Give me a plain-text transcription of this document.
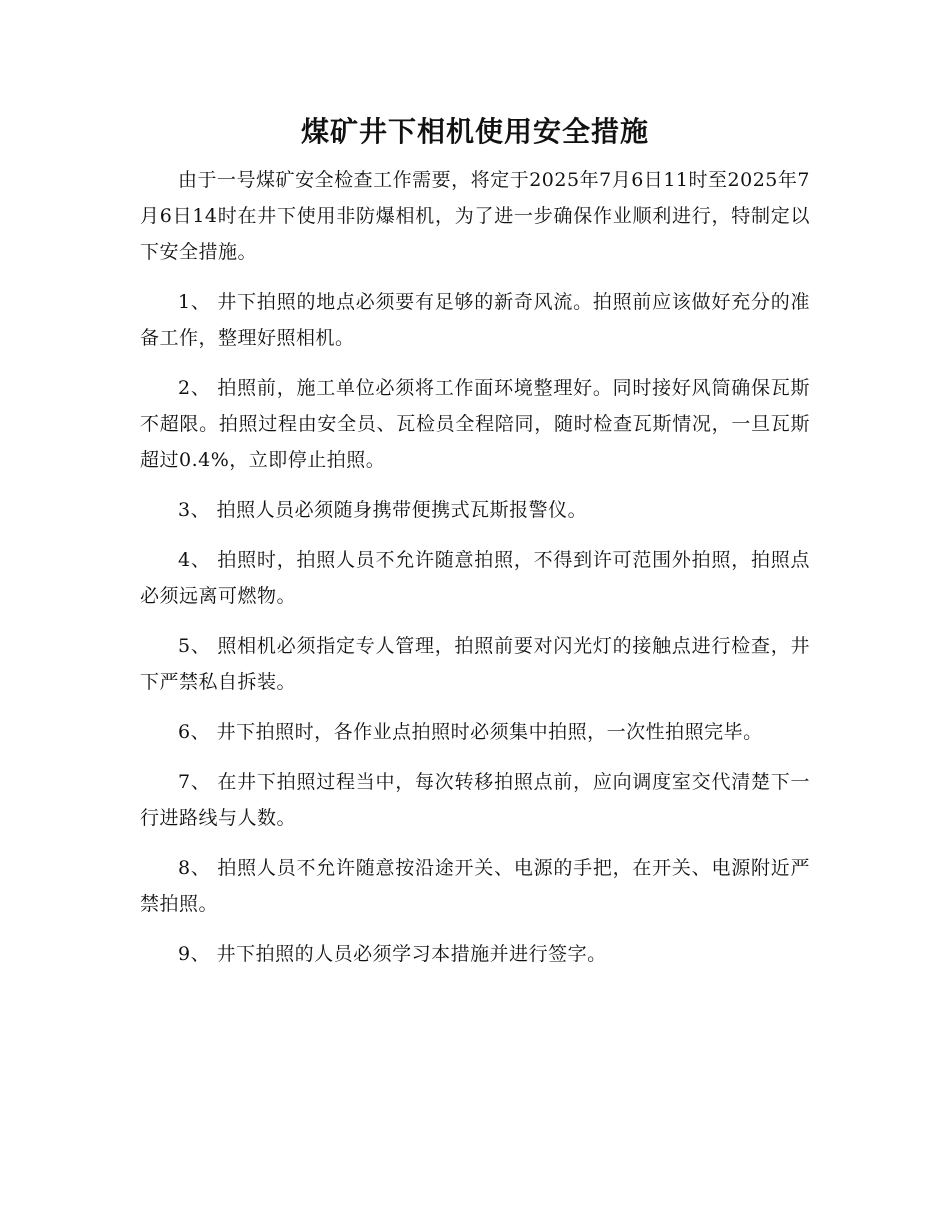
煤矿井下相机使用安全措施

由于一号煤矿安全检查工作需要，将定于2025年7月6日11时至2025年7月6日14时在井下使用非防爆相机，为了进一步确保作业顺利进行，特制定以下安全措施。

1、 井下拍照的地点必须要有足够的新奇风流。拍照前应该做好充分的准备工作，整理好照相机。

2、 拍照前，施工单位必须将工作面环境整理好。同时接好风筒确保瓦斯不超限。拍照过程由安全员、瓦检员全程陪同，随时检查瓦斯情况，一旦瓦斯超过0.4%，立即停止拍照。

3、 拍照人员必须随身携带便携式瓦斯报警仪。

4、 拍照时，拍照人员不允许随意拍照，不得到许可范围外拍照，拍照点必须远离可燃物。

5、 照相机必须指定专人管理，拍照前要对闪光灯的接触点进行检查，井下严禁私自拆装。

6、 井下拍照时，各作业点拍照时必须集中拍照，一次性拍照完毕。

7、 在井下拍照过程当中，每次转移拍照点前，应向调度室交代清楚下一行进路线与人数。

8、 拍照人员不允许随意按沿途开关、电源的手把，在开关、电源附近严禁拍照。

9、 井下拍照的人员必须学习本措施并进行签字。
